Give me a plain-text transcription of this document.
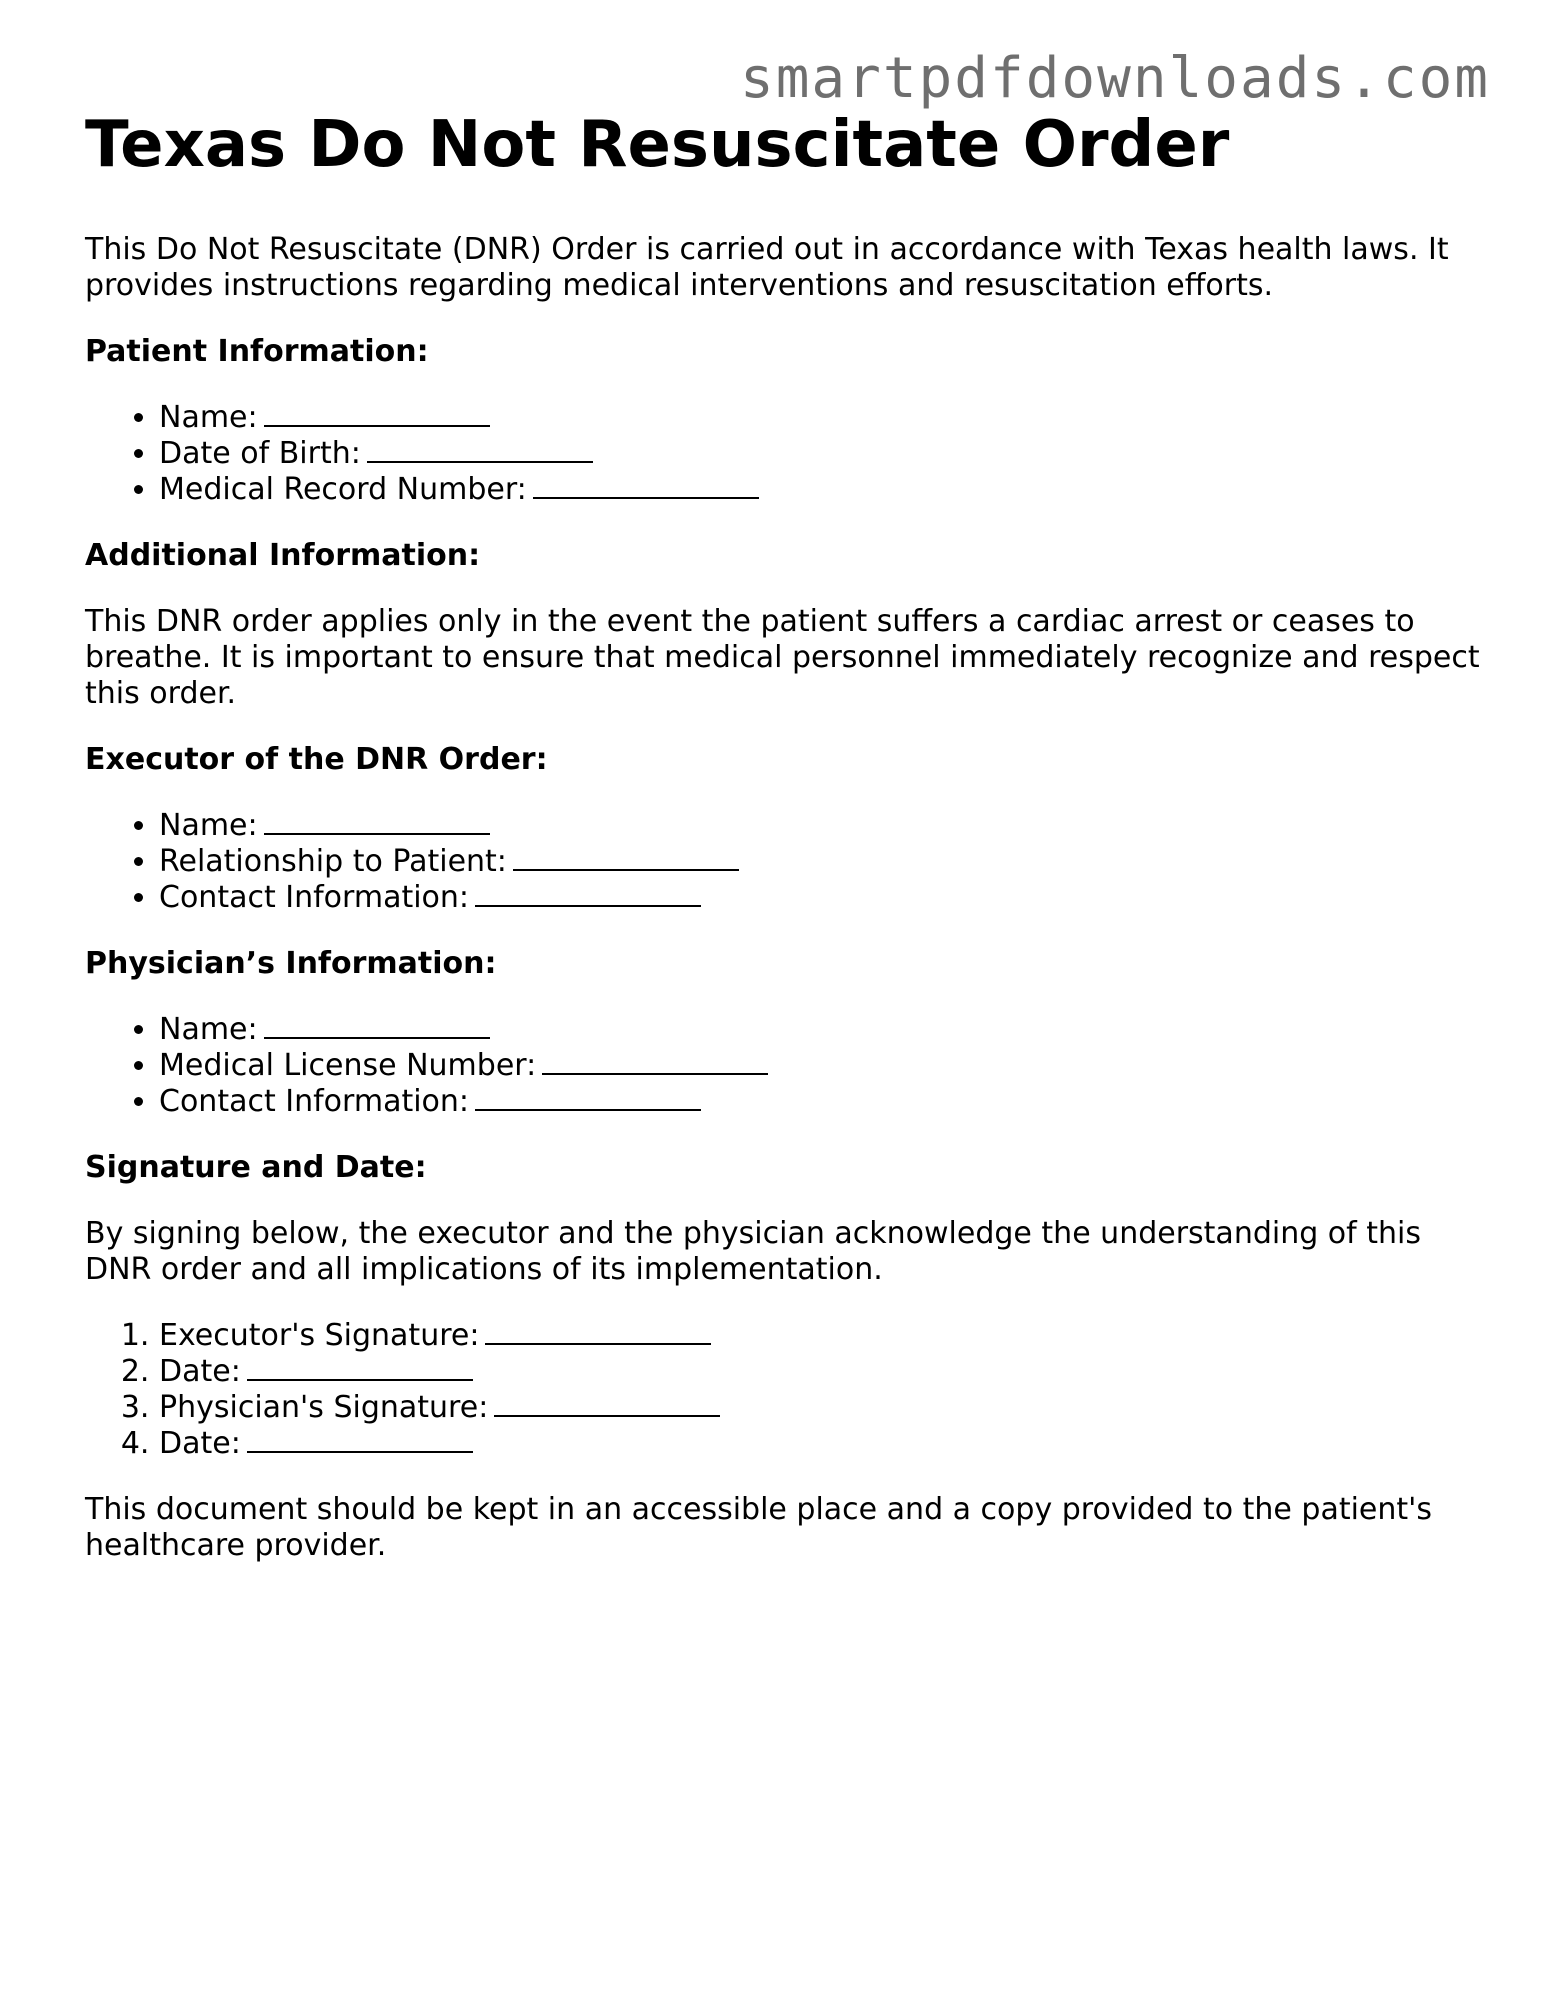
smartpdfdownloads.com
Texas Do Not Resuscitate Order

This Do Not Resuscitate (DNR) Order is carried out in accordance with Texas health laws. It provides instructions regarding medical interventions and resuscitation efforts.

Patient Information:
• Name:
• Date of Birth:
• Medical Record Number:
Additional Information:

This DNR order applies only in the event the patient suffers a cardiac arrest or ceases to breathe. It is important to ensure that medical personnel immediately recognize and respect this order.

Executor of the DNR Order:
• Name:
• Relationship to Patient:
• Contact Information:
Physician’s Information:
• Name:
• Medical License Number:
• Contact Information:
Signature and Date:

By signing below, the executor and the physician acknowledge the understanding of this DNR order and all implications of its implementation.

1. Executor's Signature:
2. Date:
3. Physician's Signature:
4. Date:

This document should be kept in an accessible place and a copy provided to the patient's healthcare provider.
